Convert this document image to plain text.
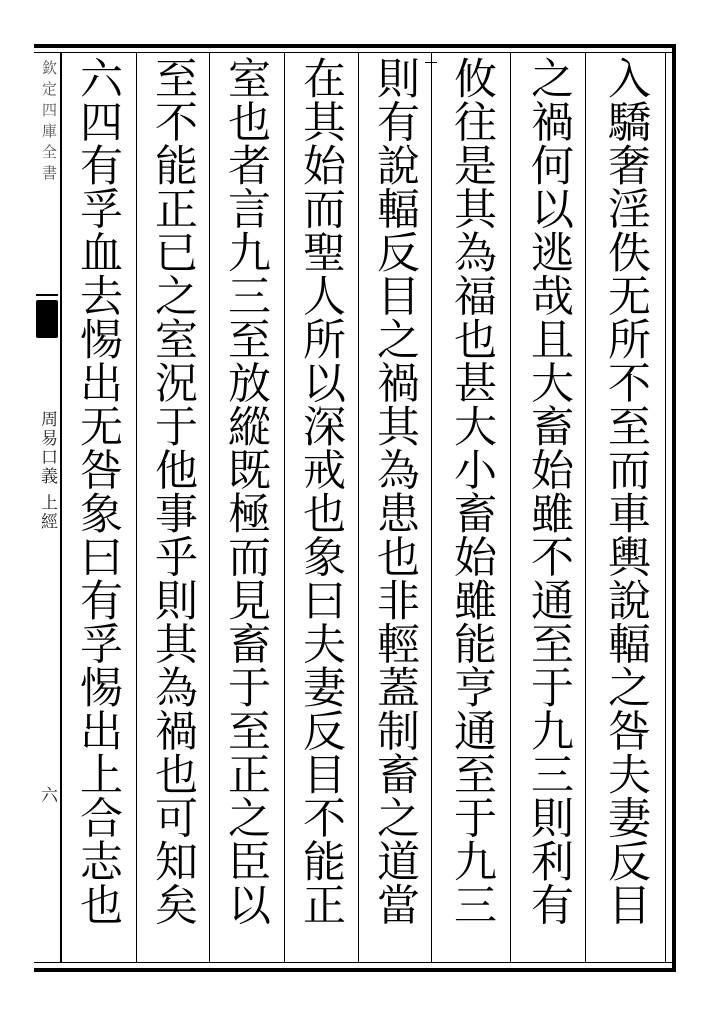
欽定四庫全書
周易口義 上經
六	入驕奢淫佚无所不至而車輿說輻之咎夫妻反目
之禍何以逃哉且大畜始雖不通至于九三則利有
攸往是其為福也甚大小畜始雖能亨通至于九三
則有說輻反目之禍其為患也非輕蓋制畜之道當
在其始而聖人所以深戒也象曰夫妻反目不能正
室也者言九三至放縱既極而見畜于至正之臣以
至不能正已之室況于他事乎則其為禍也可知矣
六四有孚血去惕出无咎象曰有孚惕出上合志也
